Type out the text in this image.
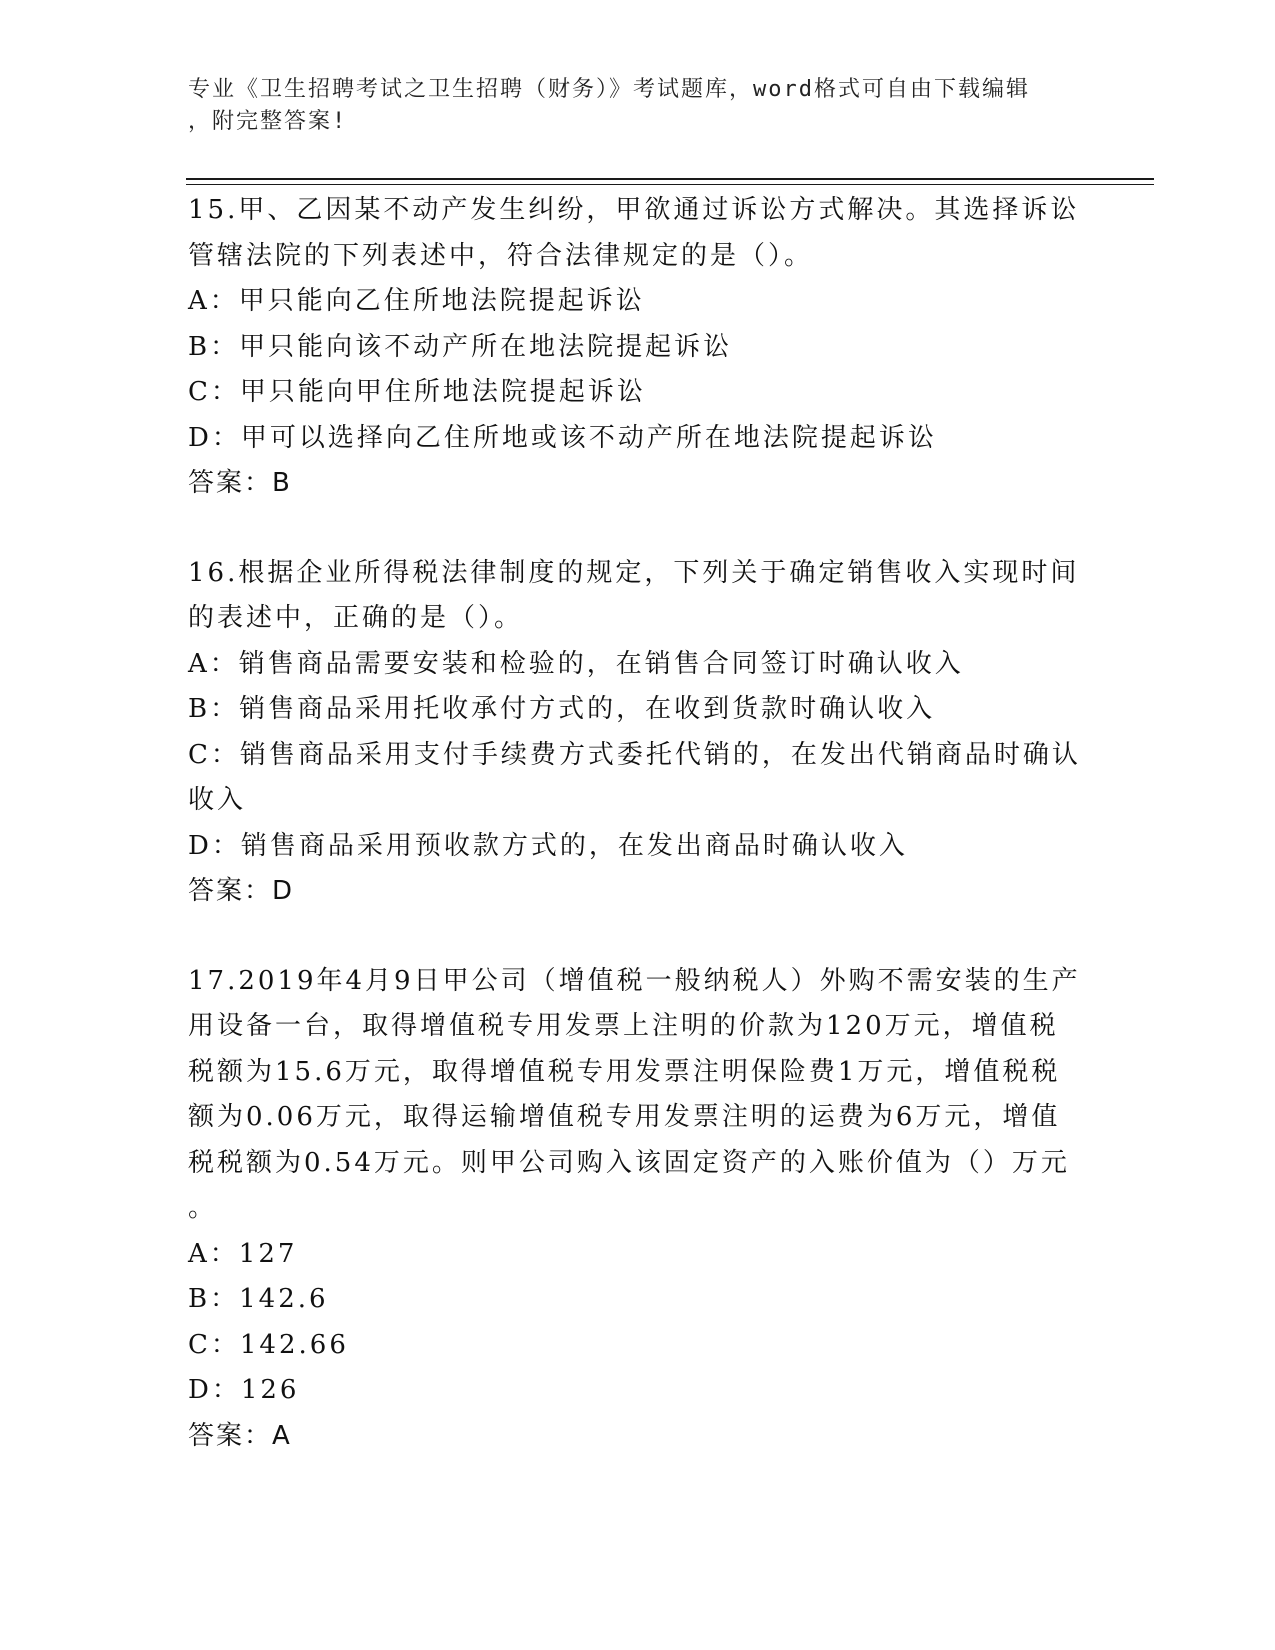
专业《卫生招聘考试之卫生招聘（财务）》考试题库，word格式可自由下载编辑
，附完整答案!
15.甲、乙因某不动产发生纠纷，甲欲通过诉讼方式解决。其选择诉讼
管辖法院的下列表述中，符合法律规定的是（）。
A：甲只能向乙住所地法院提起诉讼
B：甲只能向该不动产所在地法院提起诉讼
C：甲只能向甲住所地法院提起诉讼
D：甲可以选择向乙住所地或该不动产所在地法院提起诉讼
答案：B
16.根据企业所得税法律制度的规定，下列关于确定销售收入实现时间
的表述中，正确的是（）。
A：销售商品需要安装和检验的，在销售合同签订时确认收入
B：销售商品采用托收承付方式的，在收到货款时确认收入
C：销售商品采用支付手续费方式委托代销的，在发出代销商品时确认
收入
D：销售商品采用预收款方式的，在发出商品时确认收入
答案：D
17.2019年4月9日甲公司（增值税一般纳税人）外购不需安装的生产
用设备一台，取得增值税专用发票上注明的价款为120万元，增值税
税额为15.6万元，取得增值税专用发票注明保险费1万元，增值税税
额为0.06万元，取得运输增值税专用发票注明的运费为6万元，增值
税税额为0.54万元。则甲公司购入该固定资产的入账价值为（）万元
。
A：127
B：142.6
C：142.66
D：126
答案：A
